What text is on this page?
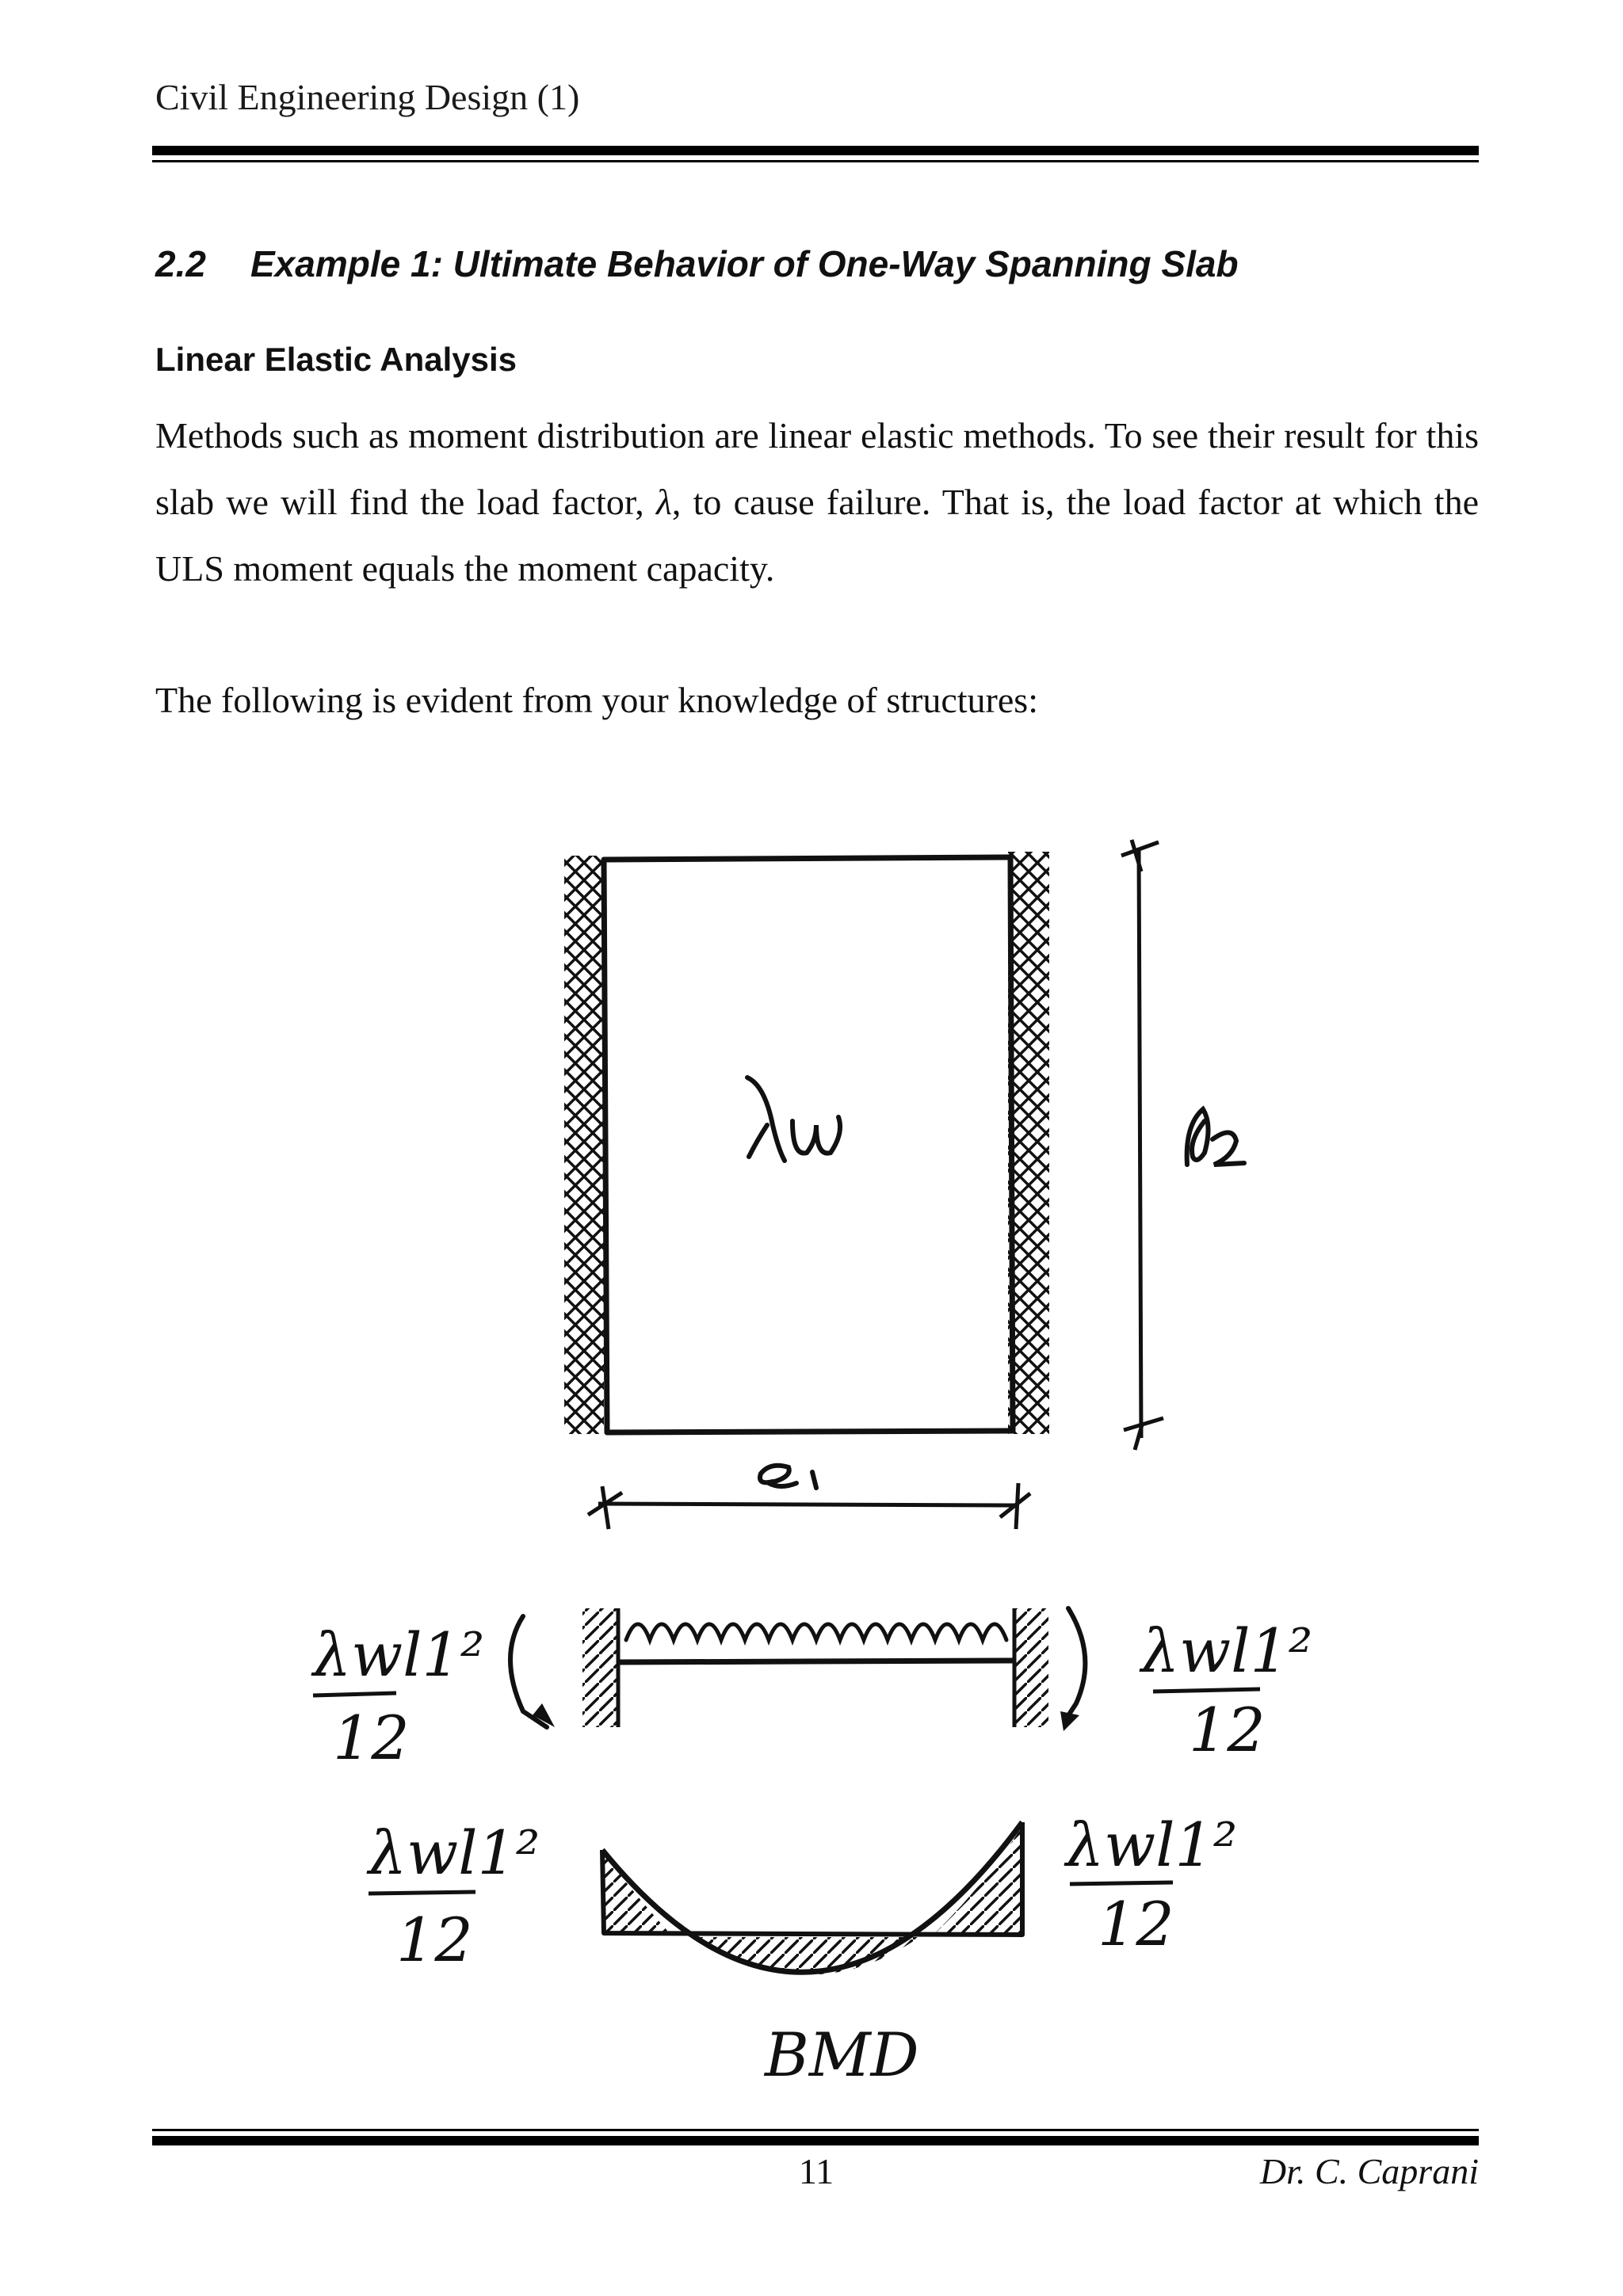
Civil Engineering Design (1)
2.2 Example 1: Ultimate Behavior of One-Way Spanning Slab
Linear Elastic Analysis
Methods such as moment distribution are linear elastic methods. To see their result for this slab we will find the load factor, λ, to cause failure. That is, the load factor at which the ULS moment equals the moment capacity.
The following is evident from your knowledge of structures:
λwl1²
12
λwl1²
12
λwl1²
12
λwl1²
12
BMD
11	Dr. C. Caprani
